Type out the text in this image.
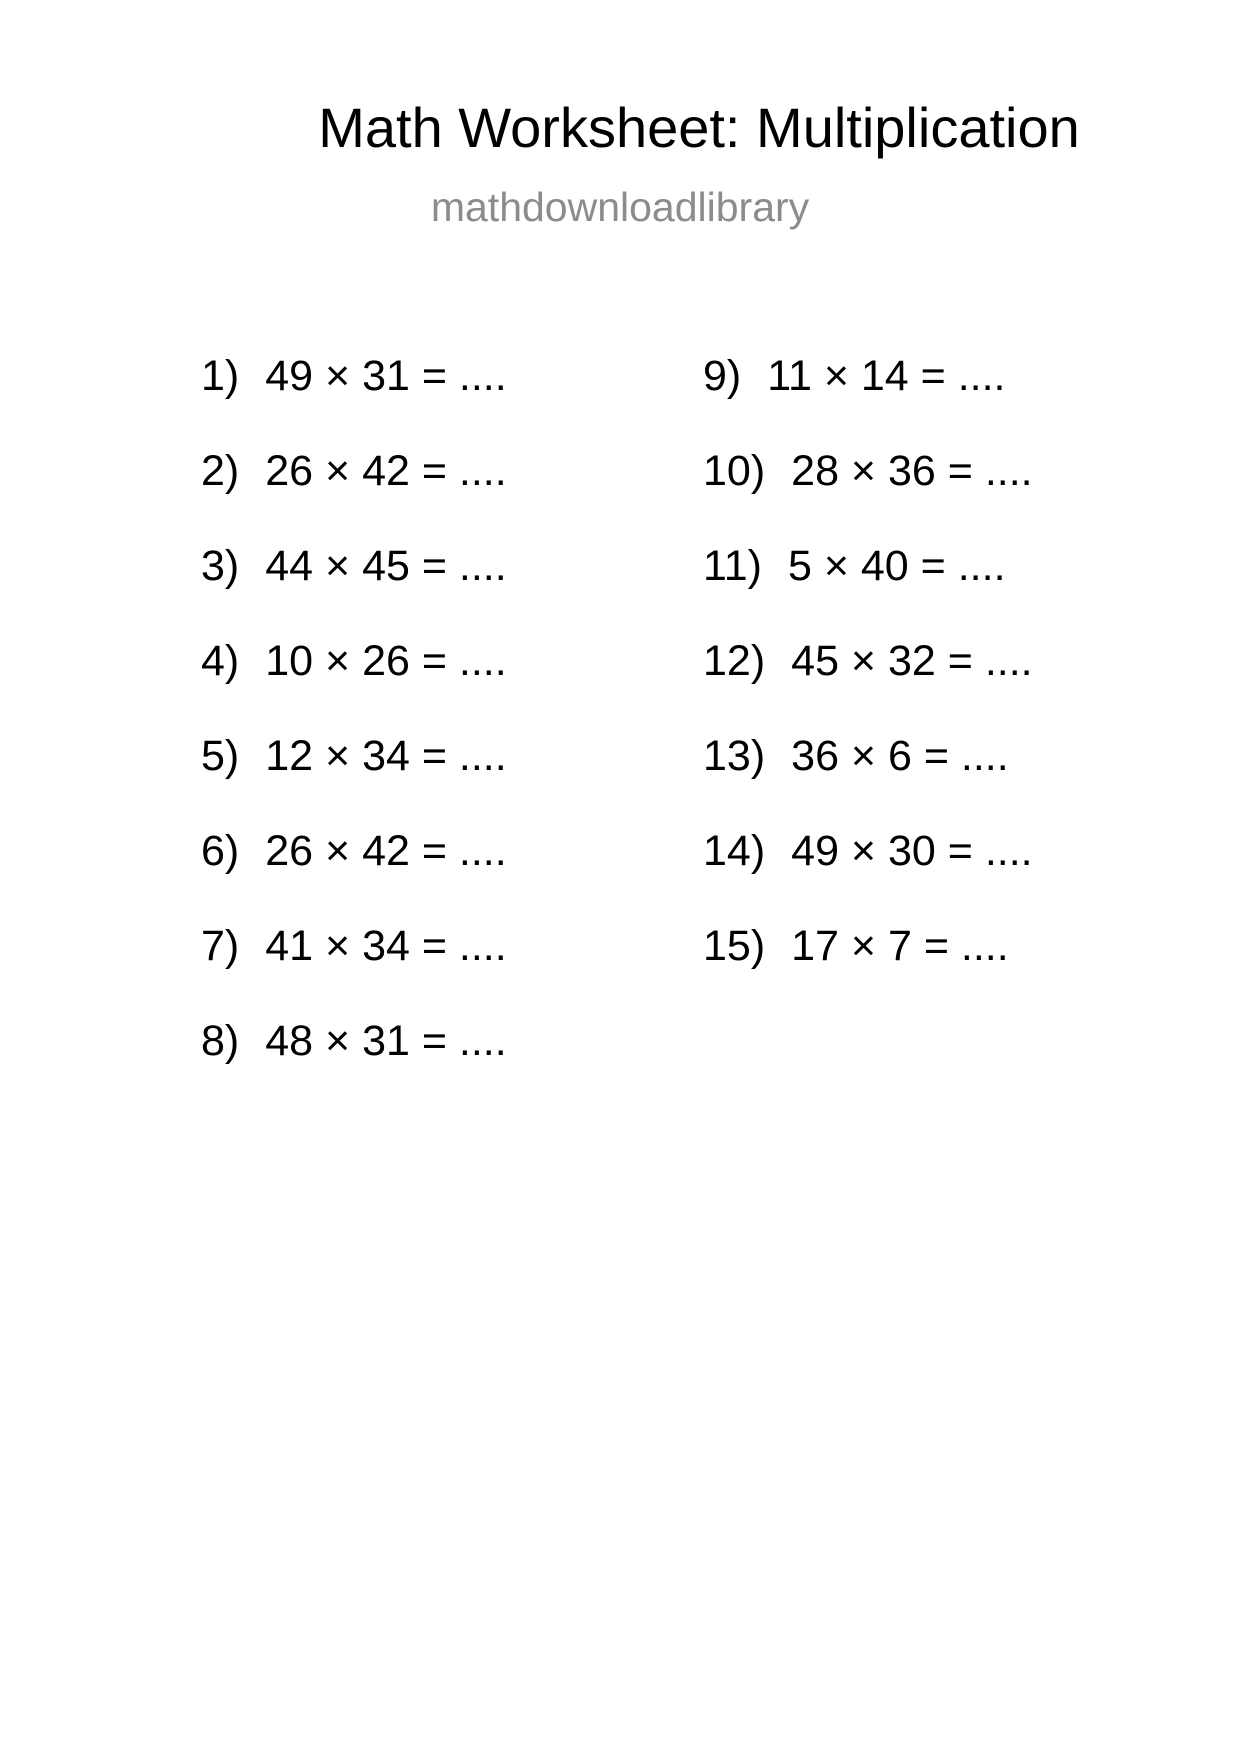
Math Worksheet: Multiplication
mathdownloadlibrary
1) 49 × 31 = ....
2) 26 × 42 = ....
3) 44 × 45 = ....
4) 10 × 26 = ....
5) 12 × 34 = ....
6) 26 × 42 = ....
7) 41 × 34 = ....
8) 48 × 31 = ....
9) 11 × 14 = ....
10) 28 × 36 = ....
11) 5 × 40 = ....
12) 45 × 32 = ....
13) 36 × 6 = ....
14) 49 × 30 = ....
15) 17 × 7 = ....
